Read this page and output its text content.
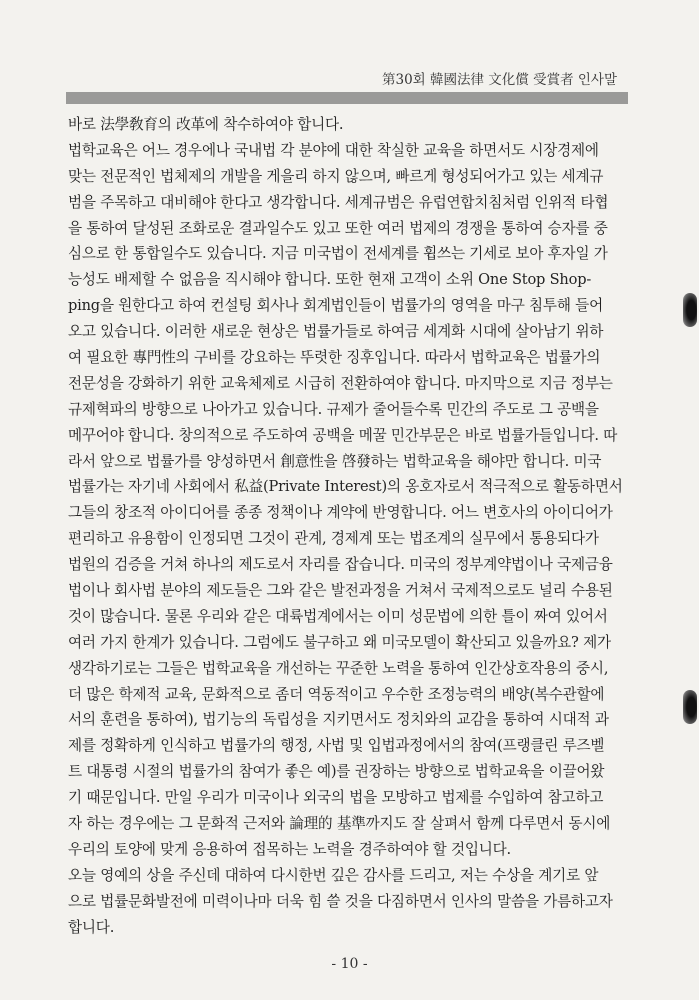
第30회 韓國法律 文化償 受賞者 인사말
바로 法學敎育의 改革에 착수하여야 합니다.
법학교육은 어느 경우에나 국내법 각 분야에 대한 착실한 교육을 하면서도 시장경제에
맞는 전문적인 법체제의 개발을 게을리 하지 않으며, 빠르게 형성되어가고 있는 세계규
범을 주목하고 대비해야 한다고 생각합니다. 세계규범은 유럽연합치침처럼 인위적 타협
을 통하여 달성된 조화로운 결과일수도 있고 또한 여러 법제의 경쟁을 통하여 승자를 중
심으로 한 통합일수도 있습니다. 지금 미국법이 전세계를 휩쓰는 기세로 보아 후자일 가
능성도 배제할 수 없음을 직시해야 합니다. 또한 현재 고객이 소위 One Stop Shop-
ping을 원한다고 하여 컨설팅 회사나 회계법인들이 법률가의 영역을 마구 침투해 들어
오고 있습니다. 이러한 새로운 현상은 법률가들로 하여금 세계화 시대에 살아남기 위하
여 필요한 專門性의 구비를 강요하는 뚜렷한 징후입니다. 따라서 법학교육은 법률가의
전문성을 강화하기 위한 교육체제로 시급히 전환하여야 합니다. 마지막으로 지금 정부는
규제혁파의 방향으로 나아가고 있습니다. 규제가 줄어들수록 민간의 주도로 그 공백을
메꾸어야 합니다. 창의적으로 주도하여 공백을 메꿀 민간부문은 바로 법률가들입니다. 따
라서 앞으로 법률가를 양성하면서 創意性을 啓發하는 법학교육을 해야만 합니다. 미국
법률가는 자기네 사회에서 私益(Private Interest)의 옹호자로서 적극적으로 활동하면서
그들의 창조적 아이디어를 종종 정책이나 계약에 반영합니다. 어느 변호사의 아이디어가
편리하고 유용함이 인정되면 그것이 관계, 경제계 또는 법조계의 실무에서 통용되다가
법원의 검증을 거쳐 하나의 제도로서 자리를 잡습니다. 미국의 정부계약법이나 국제금융
법이나 회사법 분야의 제도들은 그와 같은 발전과정을 거쳐서 국제적으로도 널리 수용된
것이 많습니다. 물론 우리와 같은 대륙법계에서는 이미 성문법에 의한 틀이 짜여 있어서
여러 가지 한계가 있습니다. 그럼에도 불구하고 왜 미국모델이 확산되고 있을까요? 제가
생각하기로는 그들은 법학교육을 개선하는 꾸준한 노력을 통하여 인간상호작용의 중시,
더 많은 학제적 교육, 문화적으로 좀더 역동적이고 우수한 조정능력의 배양(복수관할에
서의 훈련을 통하여), 법기능의 독립성을 지키면서도 정치와의 교감을 통하여 시대적 과
제를 정확하게 인식하고 법률가의 행정, 사법 및 입법과정에서의 참여(프랭클린 루즈벨
트 대통령 시절의 법률가의 참여가 좋은 예)를 권장하는 방향으로 법학교육을 이끌어왔
기 때문입니다. 만일 우리가 미국이나 외국의 법을 모방하고 법제를 수입하여 참고하고
자 하는 경우에는 그 문화적 근저와 論理的 基準까지도 잘 살펴서 함께 다루면서 동시에
우리의 토양에 맞게 응용하여 접목하는 노력을 경주하여야 할 것입니다.
오늘 영예의 상을 주신데 대하여 다시한번 깊은 감사를 드리고, 저는 수상을 계기로 앞
으로 법률문화발전에 미력이나마 더욱 힘 쓸 것을 다짐하면서 인사의 말씀을 가름하고자
합니다.
- 10 -
